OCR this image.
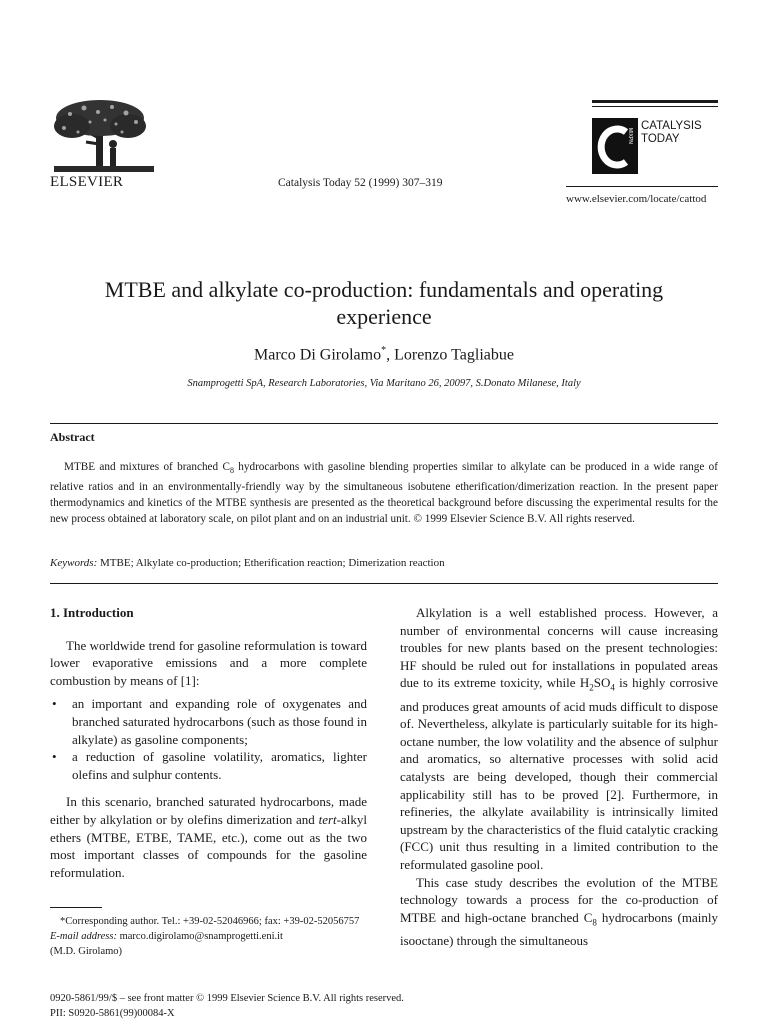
ELSEVIER	Catalysis Today 52 (1999) 307–319
MIXPN
CATALYSIS
TODAY
www.elsevier.com/locate/cattod
MTBE and alkylate co-production: fundamentals and operating
experience
Marco Di Girolamo*, Lorenzo Tagliabue
Snamprogetti SpA, Research Laboratories, Via Maritano 26, 20097, S.Donato Milanese, Italy
Abstract

MTBE and mixtures of branched $C_8$ hydrocarbons with gasoline blending properties similar to alkylate can be produced in a wide range of relative ratios and in an environmentally-friendly way by the simultaneous isobutene etherification/dimerization reaction. In the present paper thermodynamics and kinetics of the MTBE synthesis are presented as the theoretical background before discussing the experimental results for the new process obtained at laboratory scale, on pilot plant and on an industrial unit. © 1999 Elsevier Science B.V. All rights reserved.

Keywords: MTBE; Alkylate co-production; Etherification reaction; Dimerization reaction

1. Introduction

The worldwide trend for gasoline reformulation is toward lower evaporative emissions and a more complete combustion by means of [1]:

• an important and expanding role of oxygenates and branched saturated hydrocarbons (such as those found in alkylate) as gasoline components;
• a reduction of gasoline volatility, aromatics, lighter olefins and sulphur contents.

In this scenario, branched saturated hydrocarbons, made either by alkylation or by olefins dimerization and tert-alkyl ethers (MTBE, ETBE, TAME, etc.), come out as the two most important classes of compounds for the gasoline reformulation.

Alkylation is a well established process. However, a number of environmental concerns will cause increasing troubles for new plants based on the present technologies: HF should be ruled out for installations in populated areas due to its extreme toxicity, while $H_2SO_4$ is highly corrosive and produces great amounts of acid muds difficult to dispose of. Nevertheless, alkylate is particularly suitable for its high-octane number, the low volatility and the absence of sulphur and aromatics, so alternative processes with solid acid catalysts are being developed, though their commercial applicability still has to be proved [2]. Furthermore, in refineries, the alkylate availability is intrinsically limited upstream by the characteristics of the fluid catalytic cracking (FCC) unit thus resulting in a limited contribution to the reformulated gasoline pool.

This case study describes the evolution of the MTBE technology towards a process for the co-production of MTBE and high-octane branched $C_8$ hydrocarbons (mainly isooctane) through the simultaneous

*Corresponding author. Tel.: +39-02-52046966; fax: +39-02-52056757

E-mail address: marco.digirolamo@snamprogetti.eni.it

(M.D. Girolamo)

0920-5861/99/$ – see front matter © 1999 Elsevier Science B.V. All rights reserved.
PII: S0920-5861(99)00084-X
